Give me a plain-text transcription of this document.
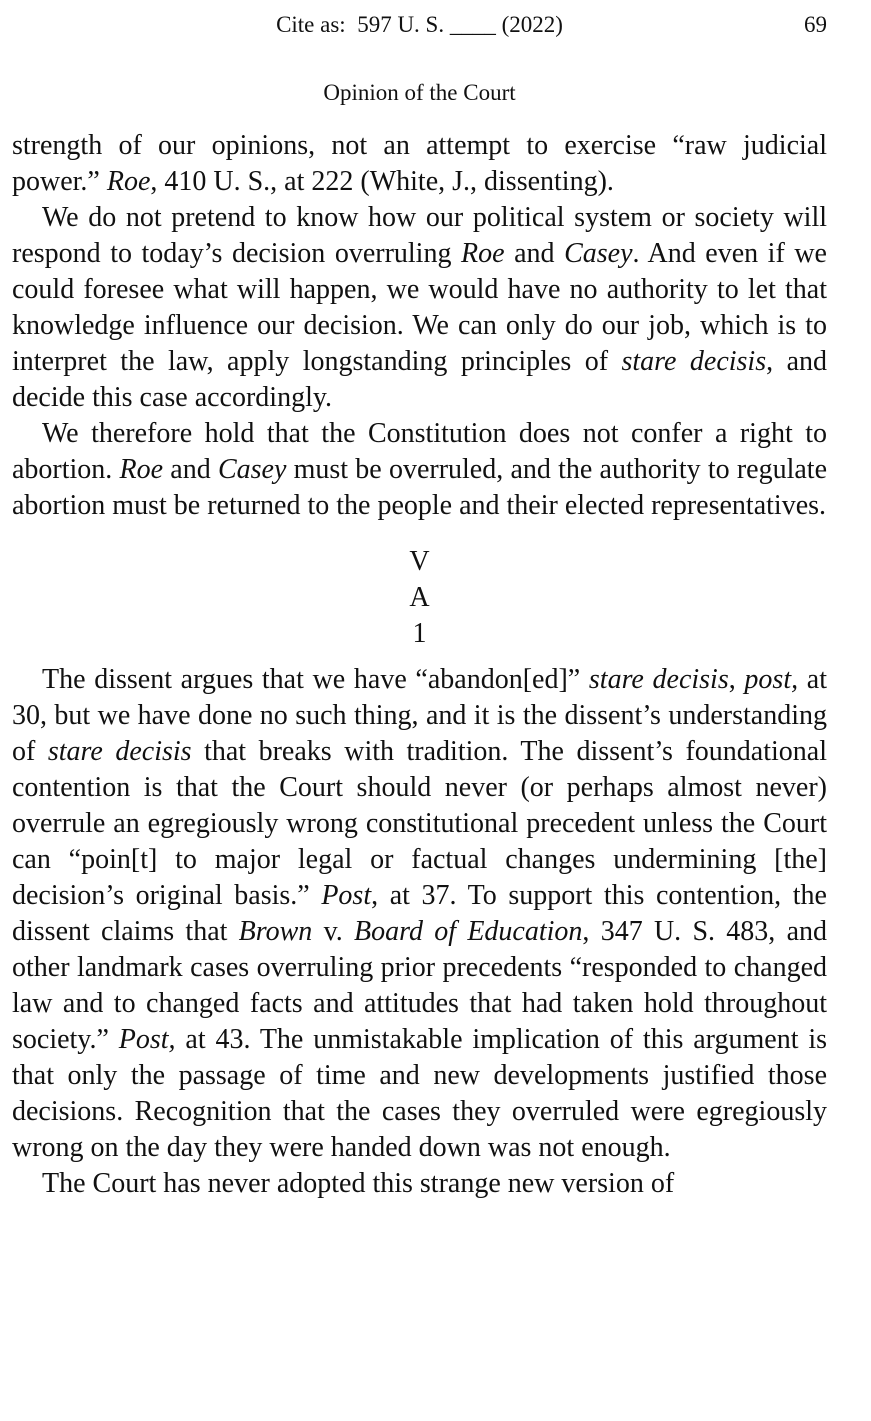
Cite as:  597 U. S. ____ (2022)	69
Opinion of the Court

strength of our opinions, not an attempt to exercise “raw judicial power.” Roe, 410 U. S., at 222 (White, J., dissenting).

We do not pretend to know how our political system or society will respond to today’s decision overruling Roe and Casey. And even if we could foresee what will happen, we would have no authority to let that knowledge influence our decision. We can only do our job, which is to interpret the law, apply longstanding principles of stare decisis, and decide this case accordingly.

We therefore hold that the Constitution does not confer a right to abortion. Roe and Casey must be overruled, and the authority to regulate abortion must be returned to the people and their elected representatives.

V

A

1

The dissent argues that we have “abandon[ed]” stare decisis, post, at 30, but we have done no such thing, and it is the dissent’s understanding of stare decisis that breaks with tradition. The dissent’s foundational contention is that the Court should never (or perhaps almost never) overrule an egregiously wrong constitutional precedent unless the Court can “poin[t] to major legal or factual changes undermining [the] decision’s original basis.” Post, at 37. To support this contention, the dissent claims that Brown v. Board of Education, 347 U. S. 483, and other landmark cases overruling prior precedents “responded to changed law and to changed facts and attitudes that had taken hold throughout society.” Post, at 43. The unmistakable implication of this argument is that only the passage of time and new developments justified those decisions. Recognition that the cases they overruled were egregiously wrong on the day they were handed down was not enough.

The Court has never adopted this strange new version of
